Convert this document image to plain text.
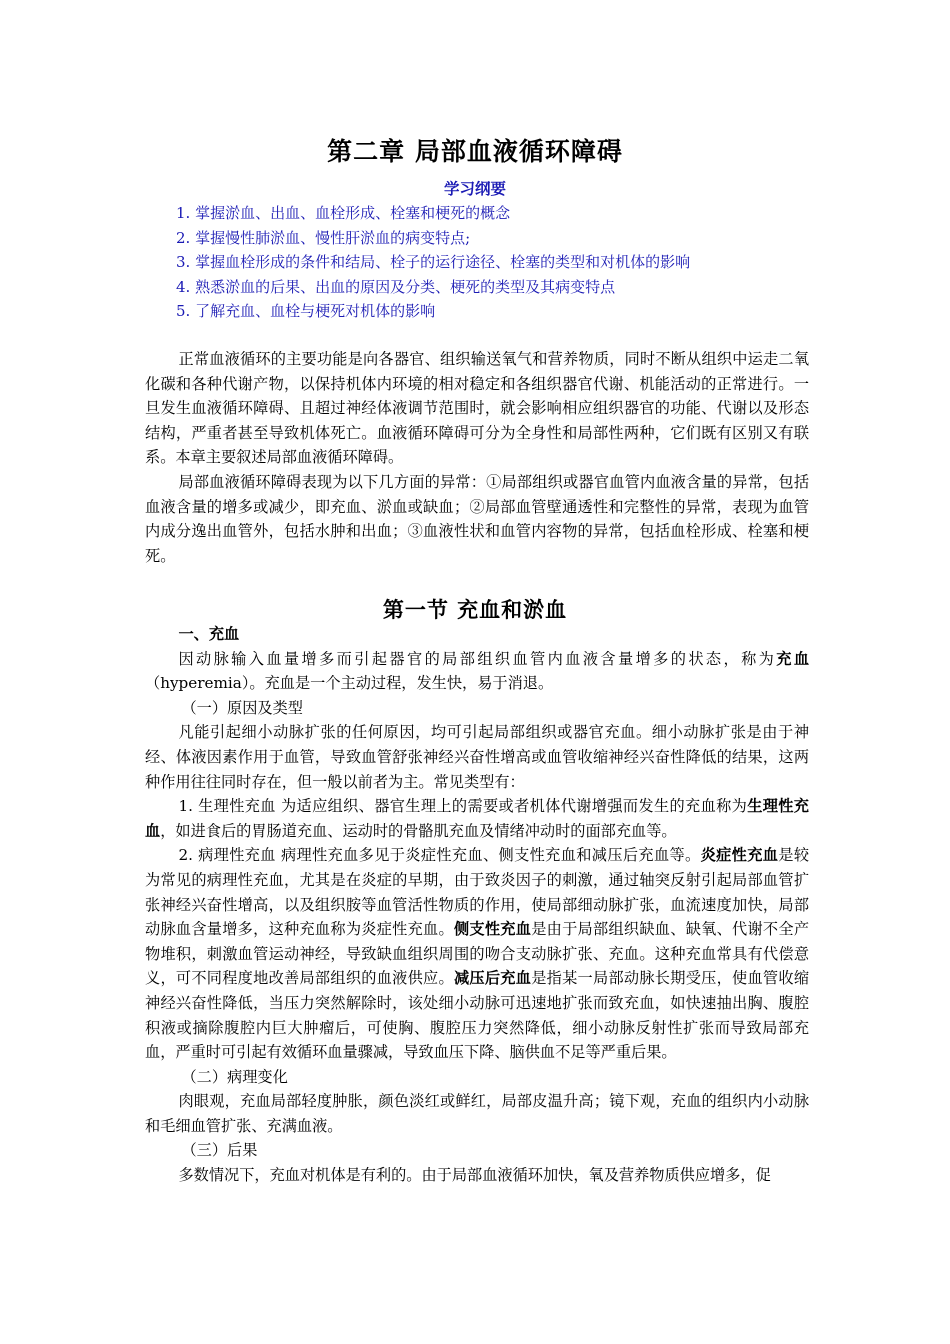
第二章 局部血液循环障碍
学习纲要
1. 掌握淤血、出血、血栓形成、栓塞和梗死的概念
2. 掌握慢性肺淤血、慢性肝淤血的病变特点;
3. 掌握血栓形成的条件和结局、栓子的运行途径、栓塞的类型和对机体的影响
4. 熟悉淤血的后果、出血的原因及分类、梗死的类型及其病变特点
5. 了解充血、血栓与梗死对机体的影响

正常血液循环的主要功能是向各器官、组织输送氧气和营养物质，同时不断从组织中运走二氧化碳和各种代谢产物，以保持机体内环境的相对稳定和各组织器官代谢、机能活动的正常进行。一旦发生血液循环障碍、且超过神经体液调节范围时，就会影响相应组织器官的功能、代谢以及形态结构，严重者甚至导致机体死亡。血液循环障碍可分为全身性和局部性两种，它们既有区别又有联系。本章主要叙述局部血液循环障碍。

局部血液循环障碍表现为以下几方面的异常：①局部组织或器官血管内血液含量的异常，包括血液含量的增多或减少，即充血、淤血或缺血；②局部血管壁通透性和完整性的异常，表现为血管内成分逸出血管外，包括水肿和出血；③血液性状和血管内容物的异常，包括血栓形成、栓塞和梗死。

第一节 充血和淤血

一、充血

因动脉输入血量增多而引起器官的局部组织血管内血液含量增多的状态，称为充血（hyperemia）。充血是一个主动过程，发生快，易于消退。

（一）原因及类型

凡能引起细小动脉扩张的任何原因，均可引起局部组织或器官充血。细小动脉扩张是由于神经、体液因素作用于血管，导致血管舒张神经兴奋性增高或血管收缩神经兴奋性降低的结果，这两种作用往往同时存在，但一般以前者为主。常见类型有：

1. 生理性充血 为适应组织、器官生理上的需要或者机体代谢增强而发生的充血称为生理性充血，如进食后的胃肠道充血、运动时的骨骼肌充血及情绪冲动时的面部充血等。

2. 病理性充血 病理性充血多见于炎症性充血、侧支性充血和减压后充血等。炎症性充血是较为常见的病理性充血，尤其是在炎症的早期，由于致炎因子的刺激，通过轴突反射引起局部血管扩张神经兴奋性增高，以及组织胺等血管活性物质的作用，使局部细动脉扩张，血流速度加快，局部动脉血含量增多，这种充血称为炎症性充血。侧支性充血是由于局部组织缺血、缺氧、代谢不全产物堆积，刺激血管运动神经，导致缺血组织周围的吻合支动脉扩张、充血。这种充血常具有代偿意义，可不同程度地改善局部组织的血液供应。减压后充血是指某一局部动脉长期受压，使血管收缩神经兴奋性降低，当压力突然解除时，该处细小动脉可迅速地扩张而致充血，如快速抽出胸、腹腔积液或摘除腹腔内巨大肿瘤后，可使胸、腹腔压力突然降低，细小动脉反射性扩张而导致局部充血，严重时可引起有效循环血量骤减，导致血压下降、脑供血不足等严重后果。

（二）病理变化

肉眼观，充血局部轻度肿胀，颜色淡红或鲜红，局部皮温升高；镜下观，充血的组织内小动脉和毛细血管扩张、充满血液。

（三）后果

多数情况下，充血对机体是有利的。由于局部血液循环加快，氧及营养物质供应增多，促
